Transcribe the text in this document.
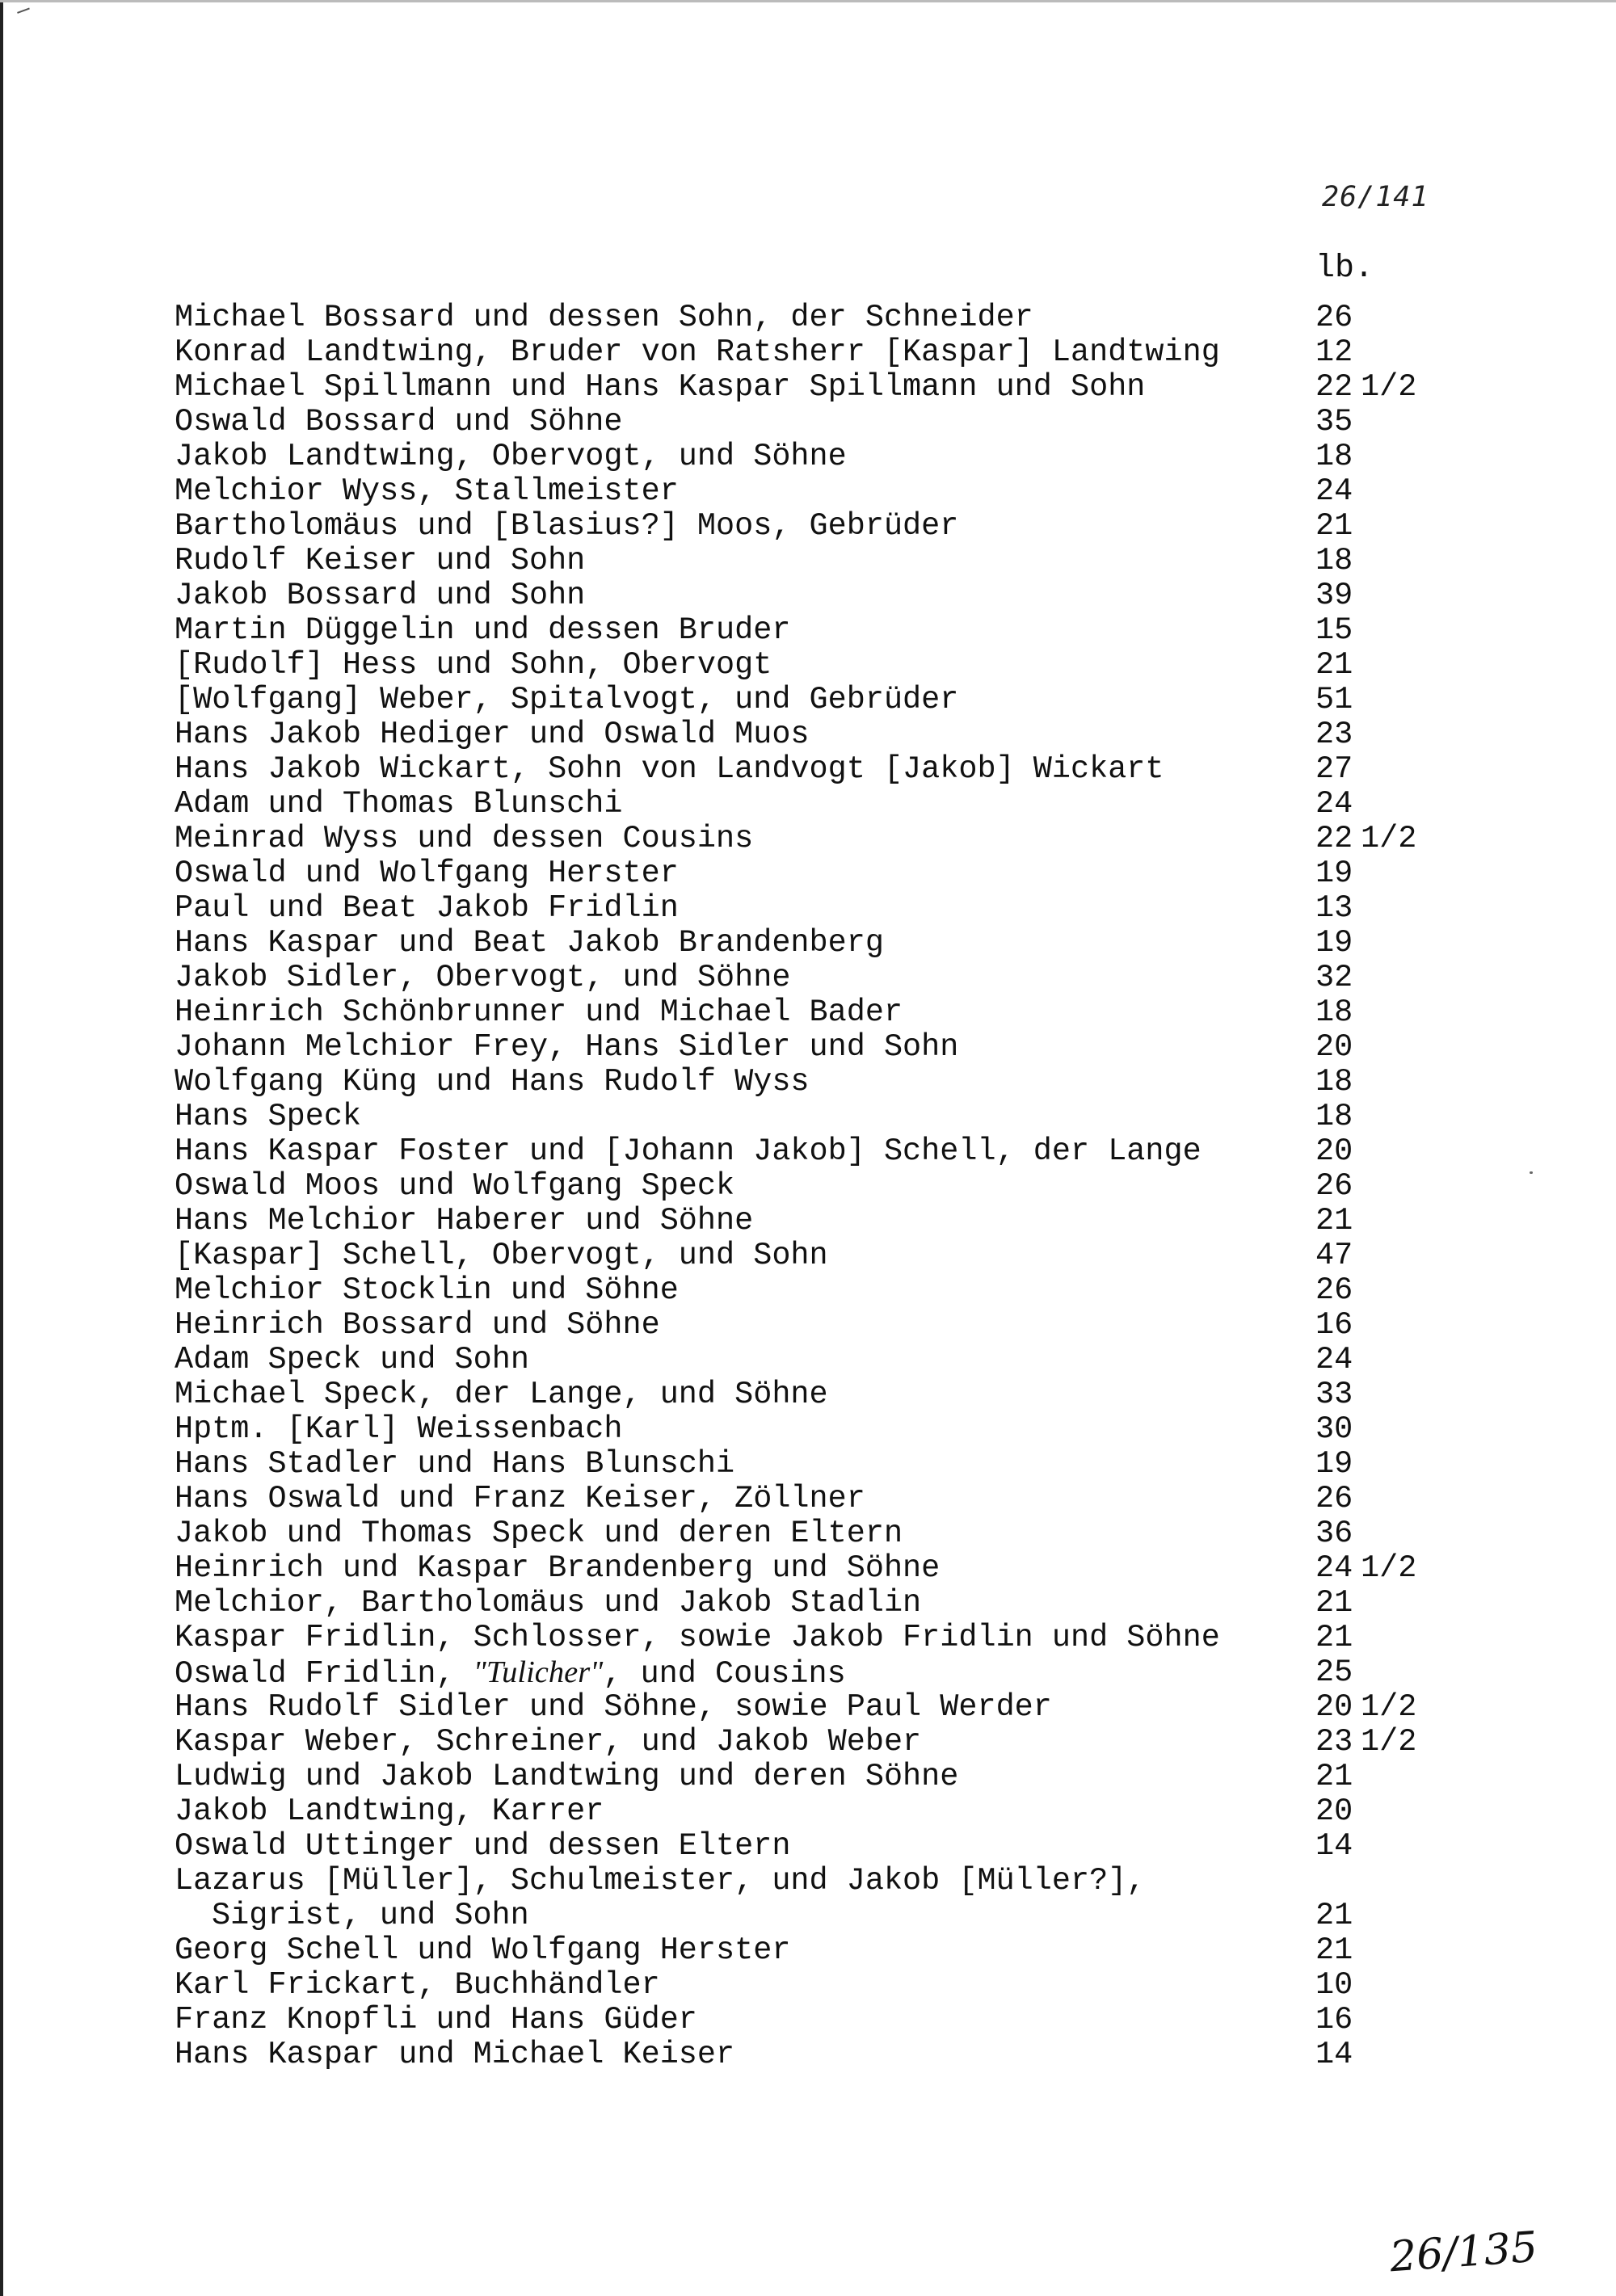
26/141
lb.
Michael Bossard und dessen Sohn, der Schneider	26
Konrad Landtwing, Bruder von Ratsherr [Kaspar] Landtwing	12
Michael Spillmann und Hans Kaspar Spillmann und Sohn	22 1/2
Oswald Bossard und Söhne	35
Jakob Landtwing, Obervogt, und Söhne	18
Melchior Wyss, Stallmeister	24
Bartholomäus und [Blasius?] Moos, Gebrüder	21
Rudolf Keiser und Sohn	18
Jakob Bossard und Sohn	39
Martin Düggelin und dessen Bruder	15
[Rudolf] Hess und Sohn, Obervogt	21
[Wolfgang] Weber, Spitalvogt, und Gebrüder	51
Hans Jakob Hediger und Oswald Muos	23
Hans Jakob Wickart, Sohn von Landvogt [Jakob] Wickart	27
Adam und Thomas Blunschi	24
Meinrad Wyss und dessen Cousins	22 1/2
Oswald und Wolfgang Herster	19
Paul und Beat Jakob Fridlin	13
Hans Kaspar und Beat Jakob Brandenberg	19
Jakob Sidler, Obervogt, und Söhne	32
Heinrich Schönbrunner und Michael Bader	18
Johann Melchior Frey, Hans Sidler und Sohn	20
Wolfgang Küng und Hans Rudolf Wyss	18
Hans Speck	18
Hans Kaspar Foster und [Johann Jakob] Schell, der Lange	20
Oswald Moos und Wolfgang Speck	26
Hans Melchior Haberer und Söhne	21
[Kaspar] Schell, Obervogt, und Sohn	47
Melchior Stocklin und Söhne	26
Heinrich Bossard und Söhne	16
Adam Speck und Sohn	24
Michael Speck, der Lange, und Söhne	33
Hptm. [Karl] Weissenbach	30
Hans Stadler und Hans Blunschi	19
Hans Oswald und Franz Keiser, Zöllner	26
Jakob und Thomas Speck und deren Eltern	36
Heinrich und Kaspar Brandenberg und Söhne	24 1/2
Melchior, Bartholomäus und Jakob Stadlin	21
Kaspar Fridlin, Schlosser, sowie Jakob Fridlin und Söhne	21
Oswald Fridlin, "Tulicher", und Cousins	25
Hans Rudolf Sidler und Söhne, sowie Paul Werder	20 1/2
Kaspar Weber, Schreiner, und Jakob Weber	23 1/2
Ludwig und Jakob Landtwing und deren Söhne	21
Jakob Landtwing, Karrer	20
Oswald Uttinger und dessen Eltern	14
Lazarus [Müller], Schulmeister, und Jakob [Müller?],
Sigrist, und Sohn	21
Georg Schell und Wolfgang Herster	21
Karl Frickart, Buchhändler	10
Franz Knopfli und Hans Güder	16
Hans Kaspar und Michael Keiser	14
26/135
